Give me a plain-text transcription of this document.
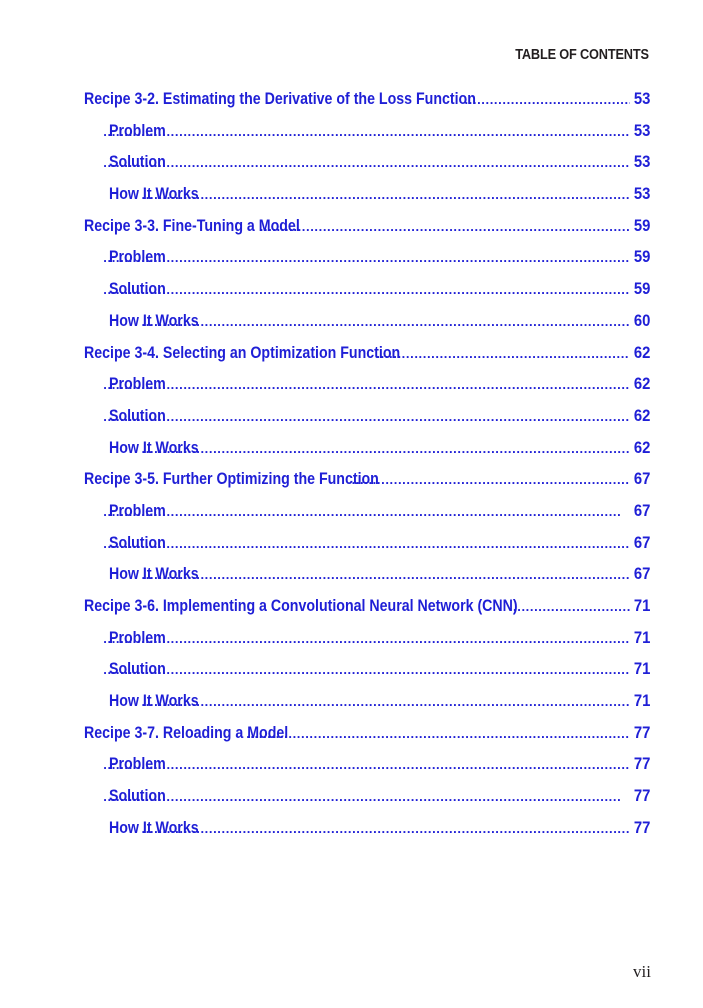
TABLE OF CONTENTS
Recipe 3-2. Estimating the Derivative of the Loss Function .....	53
Problem .....	53
Solution .....	53
How It Works .....	53
Recipe 3-3. Fine-Tuning a Model .....	59
Problem .....	59
Solution .....	59
How It Works .....	60
Recipe 3-4. Selecting an Optimization Function .....	62
Problem .....	62
Solution .....	62
How It Works .....	62
Recipe 3-5. Further Optimizing the Function .....	67
Problem .....	67
Solution .....	67
How It Works .....	67
Recipe 3-6. Implementing a Convolutional Neural Network (CNN) .....	71
Problem .....	71
Solution .....	71
How It Works .....	71
Recipe 3-7. Reloading a Model .....	77
Problem .....	77
Solution .....	77
How It Works .....	77
vii
